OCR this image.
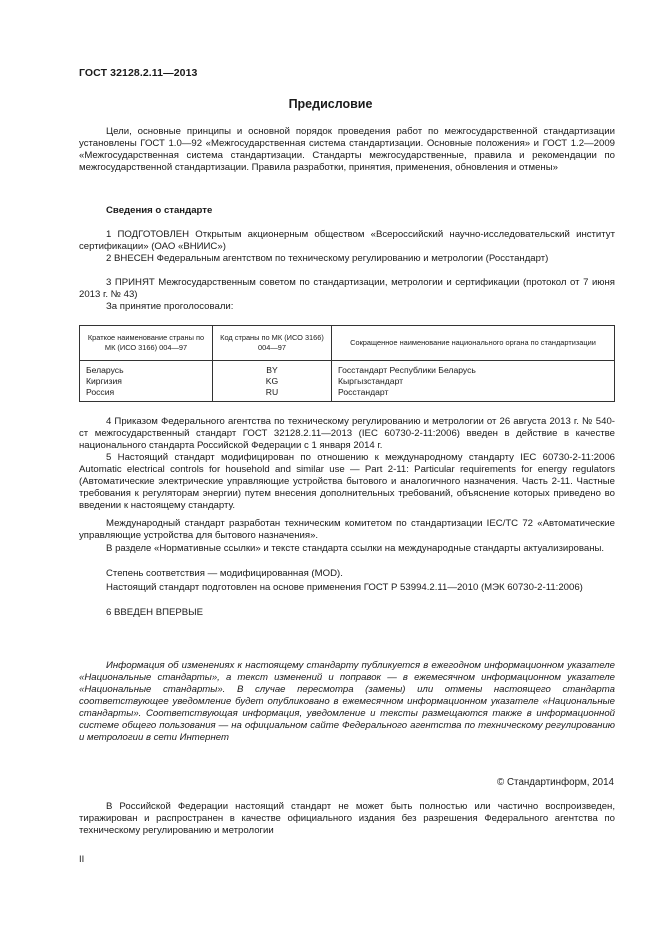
ГОСТ 32128.2.11—2013
Предисловие
Цели, основные принципы и основной порядок проведения работ по межгосударственной стандартизации установлены ГОСТ 1.0—92 «Межгосударственная система стандартизации. Основные положения» и ГОСТ 1.2—2009 «Межгосударственная система стандартизации. Стандарты межгосударственные, правила и рекомендации по межгосударственной стандартизации. Правила разработки, принятия, применения, обновления и отмены»
Сведения о стандарте
1 ПОДГОТОВЛЕН Открытым акционерным обществом «Всероссийский научно-исследовательский институт сертификации» (ОАО «ВНИИС»)
2 ВНЕСЕН Федеральным агентством по техническому регулированию и метрологии (Росстандарт)
3 ПРИНЯТ Межгосударственным советом по стандартизации, метрологии и сертификации (протокол от 7 июня 2013 г. № 43)
За принятие проголосовали:
Краткое наименование страны по МК (ИСО 3166) 004—97	Код страны по МК (ИСО 3166) 004—97	Сокращенное наименование национального органа по стандартизации
Беларусь	BY	Госстандарт Республики Беларусь
Киргизия	KG	Кыргызстандарт
Россия	RU	Росстандарт
4 Приказом Федерального агентства по техническому регулированию и метрологии от 26 августа 2013 г. № 540-ст межгосударственный стандарт ГОСТ 32128.2.11—2013 (IEC 60730-2-11:2006) введен в действие в качестве национального стандарта Российской Федерации с 1 января 2014 г.
5 Настоящий стандарт модифицирован по отношению к международному стандарту IEC 60730-2-11:2006 Automatic electrical controls for household and similar use — Part 2-11: Particular requirements for energy regulators (Автоматические электрические управляющие устройства бытового и аналогичного назначения. Часть 2-11. Частные требования к регуляторам энергии) путем внесения дополнительных требований, объяснение которых приведено во введении к настоящему стандарту.
Международный стандарт разработан техническим комитетом по стандартизации IEC/TC 72 «Автоматические управляющие устройства для бытового назначения».
В разделе «Нормативные ссылки» и тексте стандарта ссылки на международные стандарты актуализированы.
Степень соответствия — модифицированная (MOD).
Настоящий стандарт подготовлен на основе применения ГОСТ Р 53994.2.11—2010 (МЭК 60730-2-11:2006)
6 ВВЕДЕН ВПЕРВЫЕ
Информация об изменениях к настоящему стандарту публикуется в ежегодном информационном указателе «Национальные стандарты», а текст изменений и поправок — в ежемесячном информационном указателе «Национальные стандарты». В случае пересмотра (замены) или отмены настоящего стандарта соответствующее уведомление будет опубликовано в ежемесячном информационном указателе «Национальные стандарты». Соответствующая информация, уведомление и тексты размещаются также в информационной системе общего пользования — на официальном сайте Федерального агентства по техническому регулированию и метрологии в сети Интернет
© Стандартинформ, 2014
В Российской Федерации настоящий стандарт не может быть полностью или частично воспроизведен, тиражирован и распространен в качестве официального издания без разрешения Федерального агентства по техническому регулированию и метрологии
II
